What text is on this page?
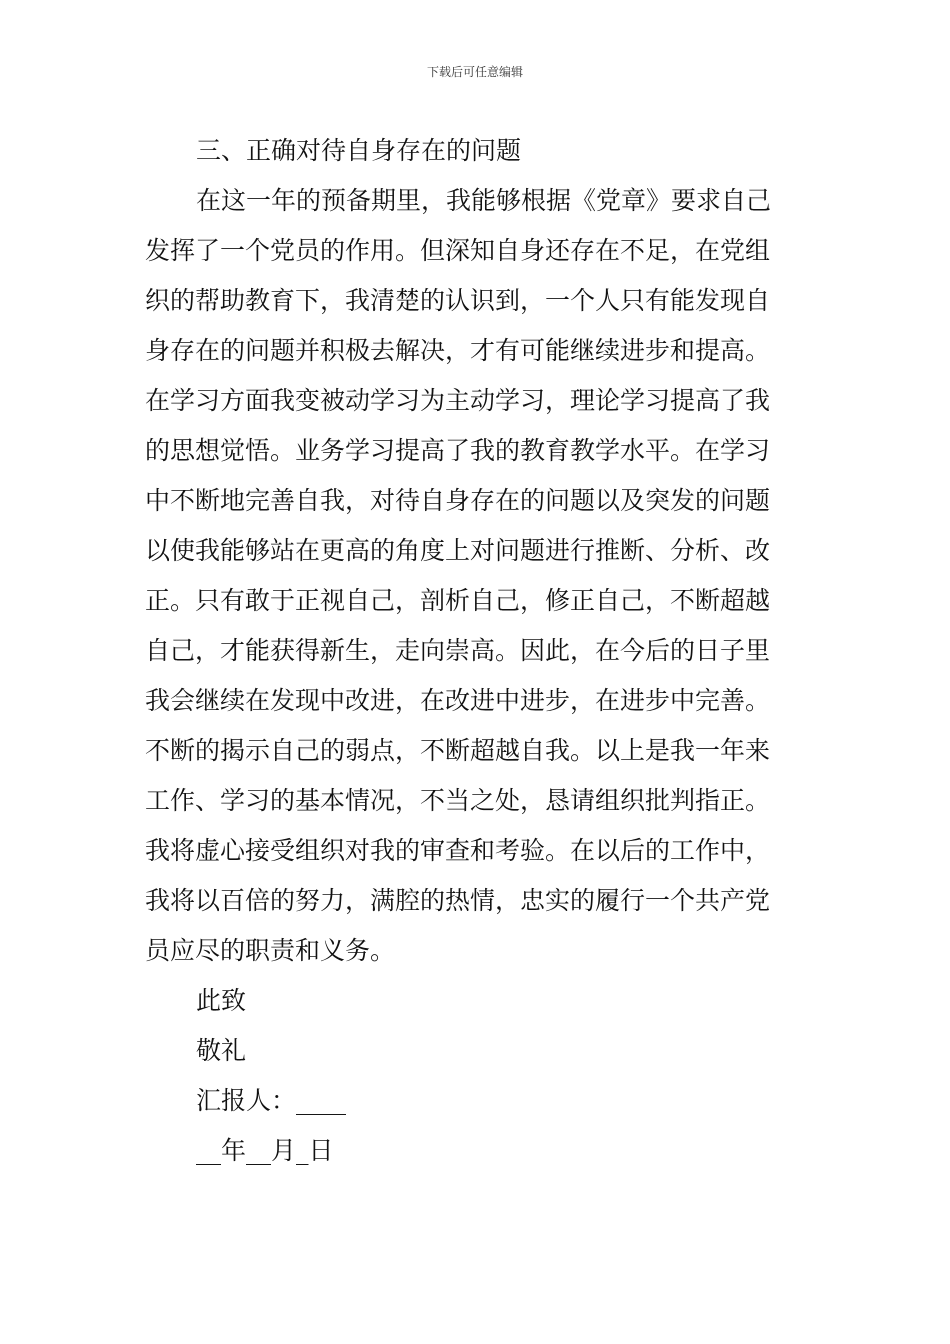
下载后可任意编辑
三、正确对待自身存在的问题
在这一年的预备期里，我能够根据《党章》要求自己
发挥了一个党员的作用。但深知自身还存在不足，在党组
织的帮助教育下，我清楚的认识到，一个人只有能发现自
身存在的问题并积极去解决，才有可能继续进步和提高。
在学习方面我变被动学习为主动学习，理论学习提高了我
的思想觉悟。业务学习提高了我的教育教学水平。在学习
中不断地完善自我，对待自身存在的问题以及突发的问题
以使我能够站在更高的角度上对问题进行推断、分析、改
正。只有敢于正视自己，剖析自己，修正自己，不断超越
自己，才能获得新生，走向崇高。因此，在今后的日子里
我会继续在发现中改进，在改进中进步，在进步中完善。
不断的揭示自己的弱点，不断超越自我。以上是我一年来
工作、学习的基本情况，不当之处，恳请组织批判指正。
我将虚心接受组织对我的审查和考验。在以后的工作中，
我将以百倍的努力，满腔的热情，忠实的履行一个共产党
员应尽的职责和义务。
此致
敬礼
汇报人：____
__年__月_日
